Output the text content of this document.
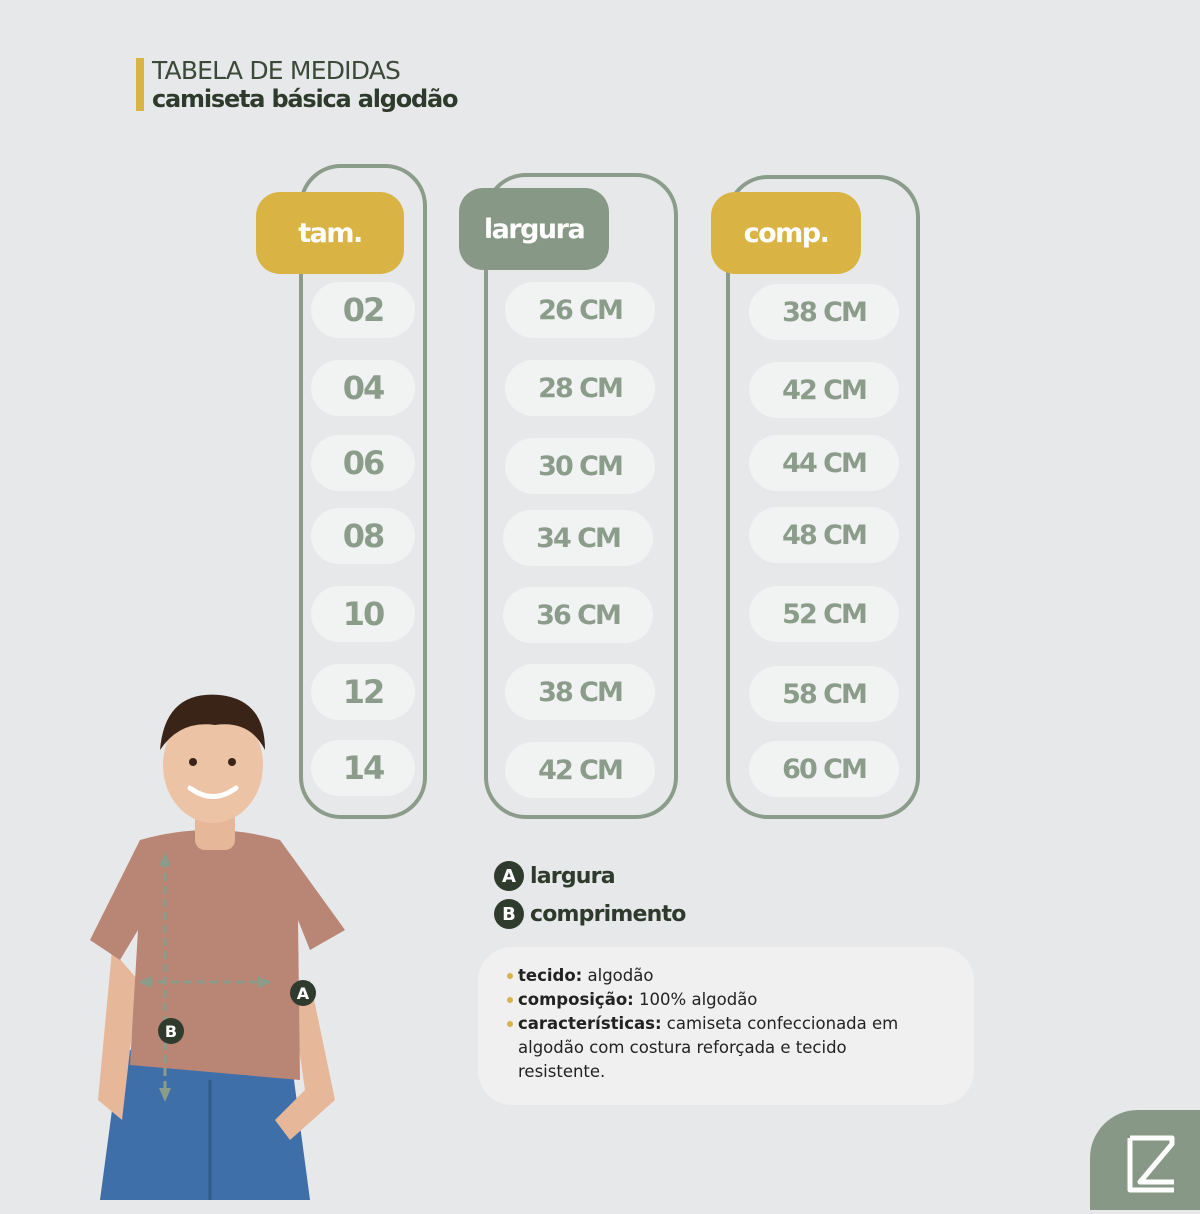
TABELA DE MEDIDAS
camiseta básica algodão
tam.
02
04
06
08
10
12
14
largura
26 CM
28 CM
30 CM
34 CM
36 CM
38 CM
42 CM
comp.
38 CM
42 CM
44 CM
48 CM
52 CM
58 CM
60 CM
A
B
A largura
B comprimento
tecido: algodão
composição: 100% algodão
características: camiseta confeccionada em
algodão com costura reforçada e tecido
resistente.
